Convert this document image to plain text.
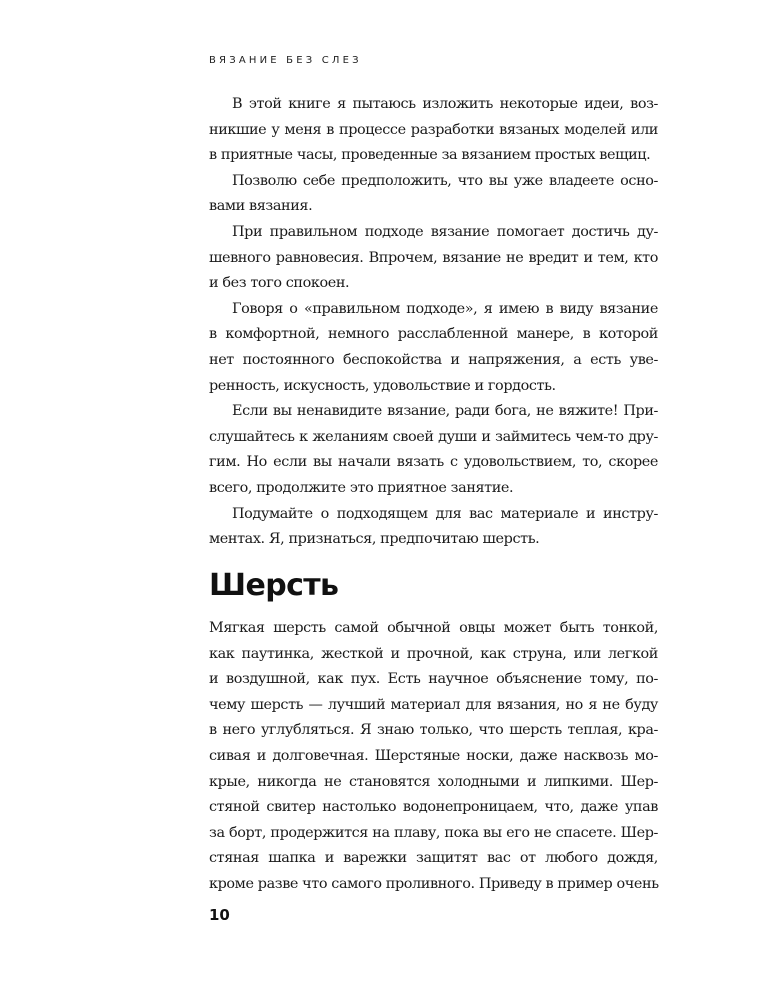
ВЯЗАНИЕ БЕЗ СЛЕЗ
В этой книге я пытаюсь изложить некоторые идеи, воз-
никшие у меня в процессе разработки вязаных моделей или
в приятные часы, проведенные за вязанием простых вещиц.
Позволю себе предположить, что вы уже владеете осно-
вами вязания.
При правильном подходе вязание помогает достичь ду-
шевного равновесия. Впрочем, вязание не вредит и тем, кто
и без того спокоен.
Говоря о «правильном подходе», я имею в виду вязание
в комфортной, немного расслабленной манере, в которой
нет постоянного беспокойства и напряжения, а есть уве-
ренность, искусность, удовольствие и гордость.
Если вы ненавидите вязание, ради бога, не вяжите! При-
слушайтесь к желаниям своей души и займитесь чем-то дру-
гим. Но если вы начали вязать с удовольствием, то, скорее
всего, продолжите это приятное занятие.
Подумайте о подходящем для вас материале и инстру-
ментах. Я, признаться, предпочитаю шерсть.
Шерсть
Мягкая шерсть самой обычной овцы может быть тонкой,
как паутинка, жесткой и прочной, как струна, или легкой
и воздушной, как пух. Есть научное объяснение тому, по-
чему шерсть — лучший материал для вязания, но я не буду
в него углубляться. Я знаю только, что шерсть теплая, кра-
сивая и долговечная. Шерстяные носки, даже насквозь мо-
крые, никогда не становятся холодными и липкими. Шер-
стяной свитер настолько водонепроницаем, что, даже упав
за борт, продержится на плаву, пока вы его не спасете. Шер-
стяная шапка и варежки защитят вас от любого дождя,
кроме разве что самого проливного. Приведу в пример очень
10
